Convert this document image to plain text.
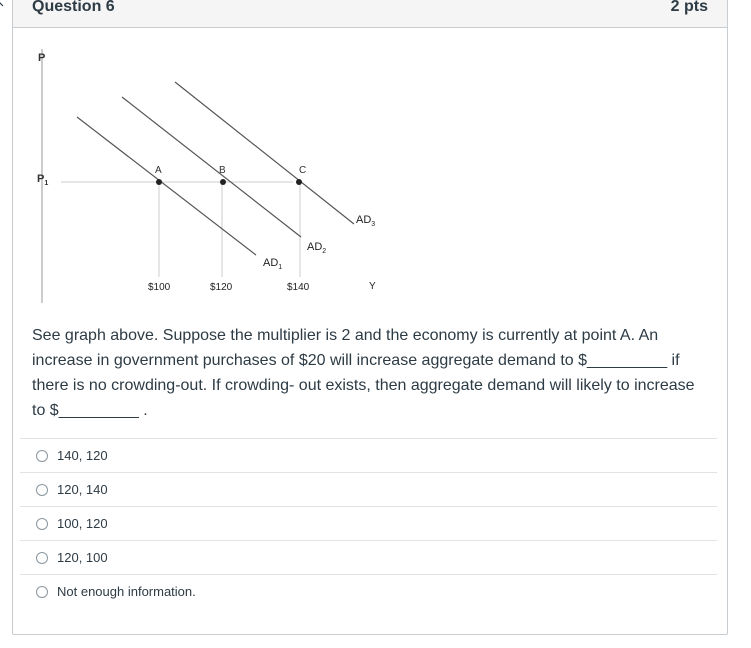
Question 6	2 pts
P
$P_1$
A	B	C
$AD_1$
$AD_2$
$AD_3$
$100	$120	$140	Y
See graph above. Suppose the multiplier is 2 and the economy is currently at point A. An increase in government purchases of $20 will increase aggregate demand to $_________ if there is no crowding-out. If crowding- out exists, then aggregate demand will likely to increase to $_________ .
140, 120
120, 140
100, 120
120, 100
Not enough information.
